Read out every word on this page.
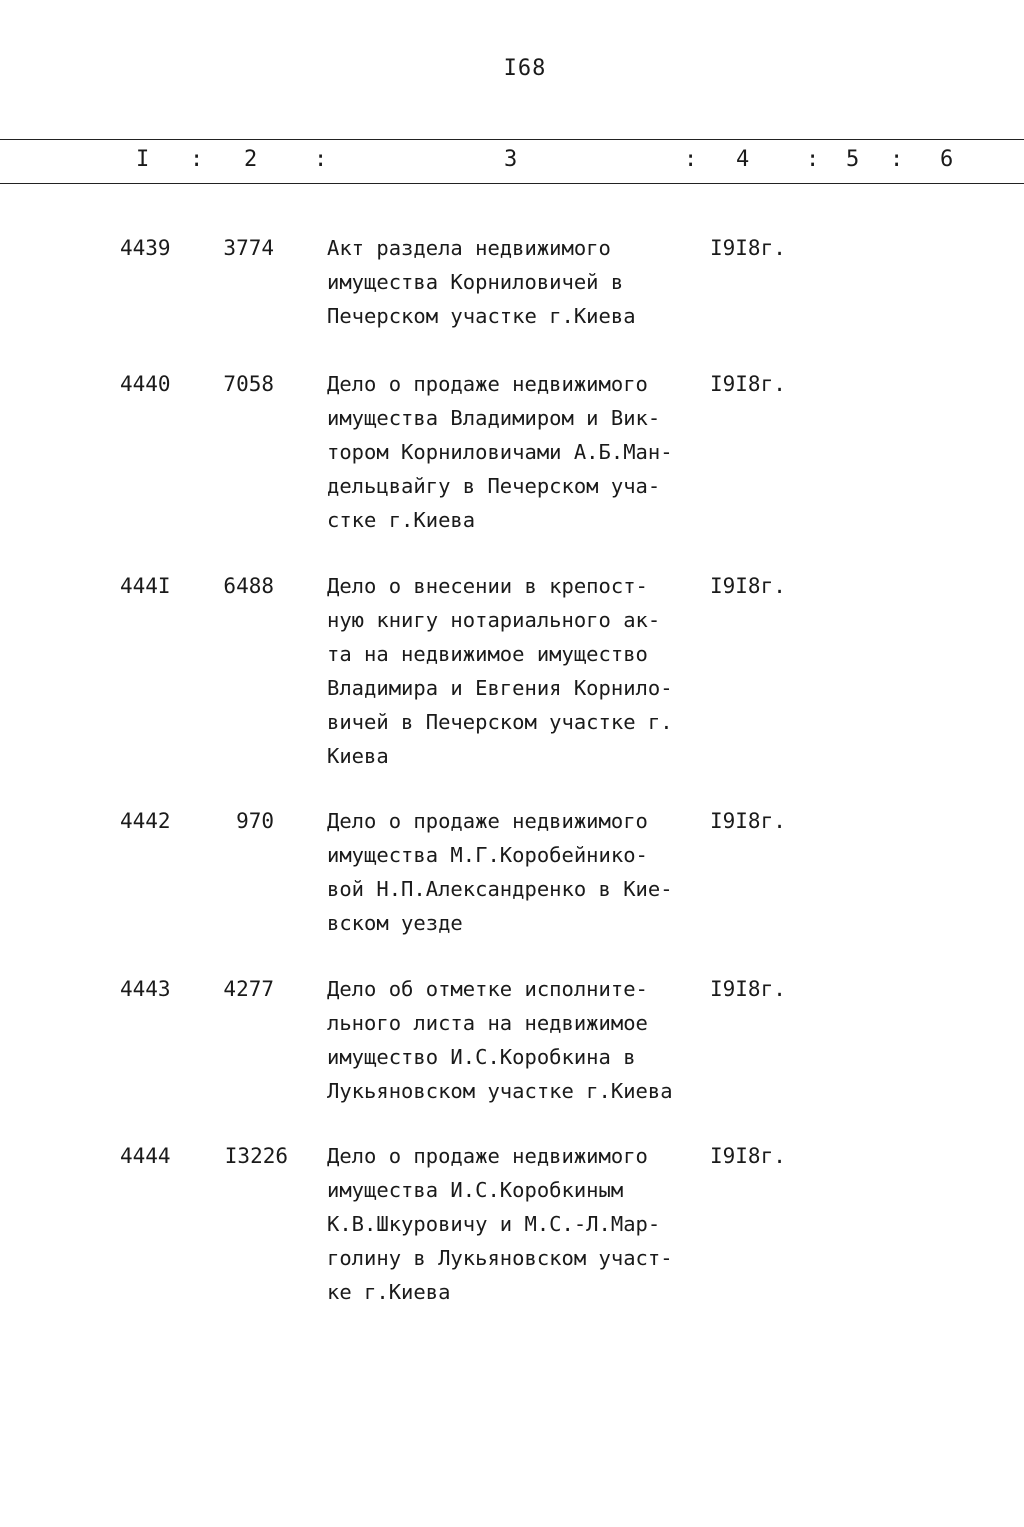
I68
I : 2	:	3	: 4	: 5 : 6
4439	3774	Акт раздела недвижимого
имущества Корниловичей в
Печерском участке г.Киева
I9I8г.
4440	7058	Дело о продаже недвижимого
имущества Владимиром и Вик-
тором Корниловичами А.Б.Ман-
дельцвайгу в Печерском уча-
стке г.Киева
I9I8г.
444I	6488	Дело о внесении в крепост-
ную книгу нотариального ак-
та на недвижимое имущество
Владимира и Евгения Корнило-
вичей в Печерском участке г.
Киева
I9I8г.
4442	970	Дело о продаже недвижимого
имущества М.Г.Коробейнико-
вой Н.П.Александренко в Кие-
вском уезде
I9I8г.
4443	4277	Дело об отметке исполните-
льного листа на недвижимое
имущество И.С.Коробкина в
Лукьяновском участке г.Киева
I9I8г.
4444	I3226 Дело о продаже недвижимого
имущества И.С.Коробкиным
К.В.Шкуровичу и М.С.-Л.Мар-
голину в Лукьяновском участ-
ке г.Киева
I9I8г.
